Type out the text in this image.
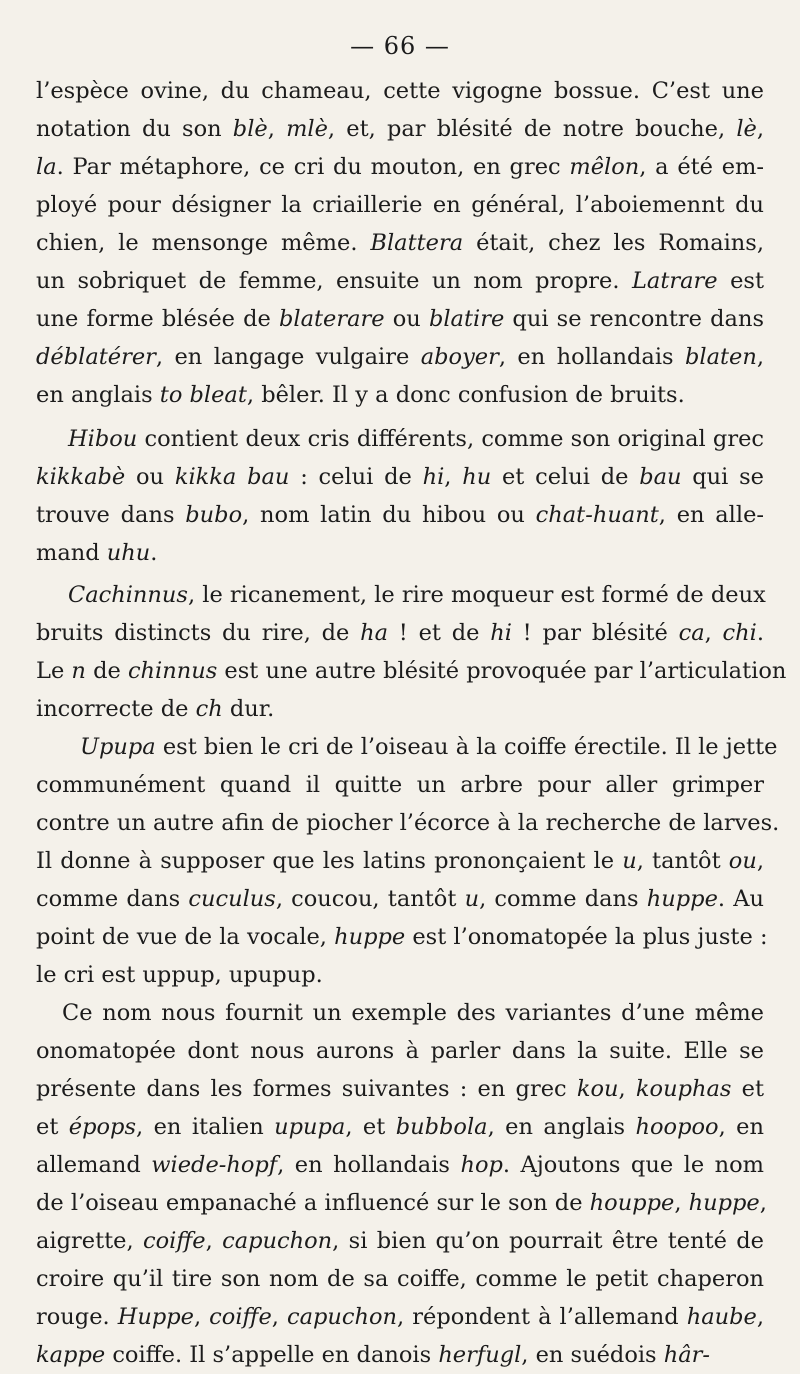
— 66 —
l’espèce ovine, du chameau, cette vigogne bossue. C’est une
notation du son blè, mlè, et, par blésité de notre bouche, lè,
la. Par métaphore, ce cri du mouton, en grec mêlon, a été em-
ployé pour désigner la criaillerie en général, l’aboiemennt du
chien, le mensonge même. Blattera était, chez les Romains,
un sobriquet de femme, ensuite un nom propre. Latrare est
une forme blésée de blaterare ou blatire qui se rencontre dans
déblatérer, en langage vulgaire aboyer, en hollandais blaten,
en anglais to bleat, bêler. Il y a donc confusion de bruits.
Hibou contient deux cris différents, comme son original grec
kikkabè ou kikka bau : celui de hi, hu et celui de bau qui se
trouve dans bubo, nom latin du hibou ou chat-huant, en alle-
mand uhu.
Cachinnus, le ricanement, le rire moqueur est formé de deux
bruits distincts du rire, de ha ! et de hi ! par blésité ca, chi.
Le n de chinnus est une autre blésité provoquée par l’articulation
incorrecte de ch dur.
Upupa est bien le cri de l’oiseau à la coiffe érectile. Il le jette
communément quand il quitte un arbre pour aller grimper
contre un autre afin de piocher l’écorce à la recherche de larves.
Il donne à supposer que les latins prononçaient le u, tantôt ou,
comme dans cuculus, coucou, tantôt u, comme dans huppe. Au
point de vue de la vocale, huppe est l’onomatopée la plus juste :
le cri est uppup, upupup.
Ce nom nous fournit un exemple des variantes d’une même
onomatopée dont nous aurons à parler dans la suite. Elle se
présente dans les formes suivantes : en grec kou, kouphas et
et épops, en italien upupa, et bubbola, en anglais hoopoo, en
allemand wiede-hopf, en hollandais hop. Ajoutons que le nom
de l’oiseau empanaché a influencé sur le son de houppe, huppe,
aigrette, coiffe, capuchon, si bien qu’on pourrait être tenté de
croire qu’il tire son nom de sa coiffe, comme le petit chaperon
rouge. Huppe, coiffe, capuchon, répondent à l’allemand haube,
kappe coiffe. Il s’appelle en danois herfugl, en suédois hâr-
